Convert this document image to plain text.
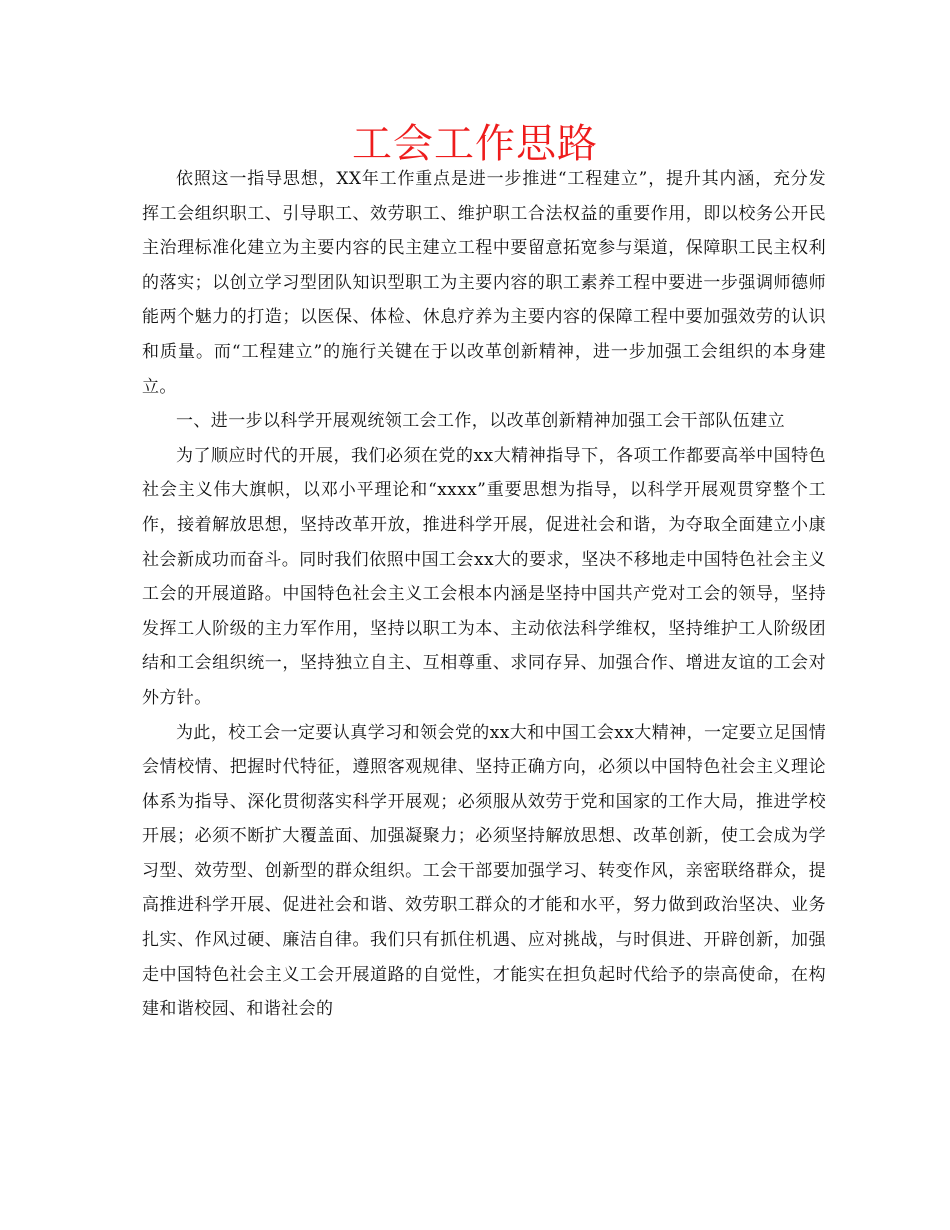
工会工作思路

依照这一指导思想，XX年工作重点是进一步推进“工程建立”，提升其内涵，充分发挥工会组织职工、引导职工、效劳职工、维护职工合法权益的重要作用，即以校务公开民主治理标准化建立为主要内容的民主建立工程中要留意拓宽参与渠道，保障职工民主权利的落实；以创立学习型团队知识型职工为主要内容的职工素养工程中要进一步强调师德师能两个魅力的打造；以医保、体检、休息疗养为主要内容的保障工程中要加强效劳的认识和质量。而“工程建立”的施行关键在于以改革创新精神，进一步加强工会组织的本身建立。

一、进一步以科学开展观统领工会工作，以改革创新精神加强工会干部队伍建立

为了顺应时代的开展，我们必须在党的xx大精神指导下，各项工作都要高举中国特色社会主义伟大旗帜，以邓小平理论和“xxxx”重要思想为指导，以科学开展观贯穿整个工作，接着解放思想，坚持改革开放，推进科学开展，促进社会和谐，为夺取全面建立小康社会新成功而奋斗。同时我们依照中国工会xx大的要求，坚决不移地走中国特色社会主义工会的开展道路。中国特色社会主义工会根本内涵是坚持中国共产党对工会的领导，坚持发挥工人阶级的主力军作用，坚持以职工为本、主动依法科学维权，坚持维护工人阶级团结和工会组织统一，坚持独立自主、互相尊重、求同存异、加强合作、增进友谊的工会对外方针。

为此，校工会一定要认真学习和领会党的xx大和中国工会xx大精神，一定要立足国情会情校情、把握时代特征，遵照客观规律、坚持正确方向，必须以中国特色社会主义理论体系为指导、深化贯彻落实科学开展观；必须服从效劳于党和国家的工作大局，推进学校开展；必须不断扩大覆盖面、加强凝聚力；必须坚持解放思想、改革创新，使工会成为学习型、效劳型、创新型的群众组织。工会干部要加强学习、转变作风，亲密联络群众，提高推进科学开展、促进社会和谐、效劳职工群众的才能和水平，努力做到政治坚决、业务扎实、作风过硬、廉洁自律。我们只有抓住机遇、应对挑战，与时俱进、开辟创新，加强走中国特色社会主义工会开展道路的自觉性，才能实在担负起时代给予的崇高使命，在构建和谐校园、和谐社会的
